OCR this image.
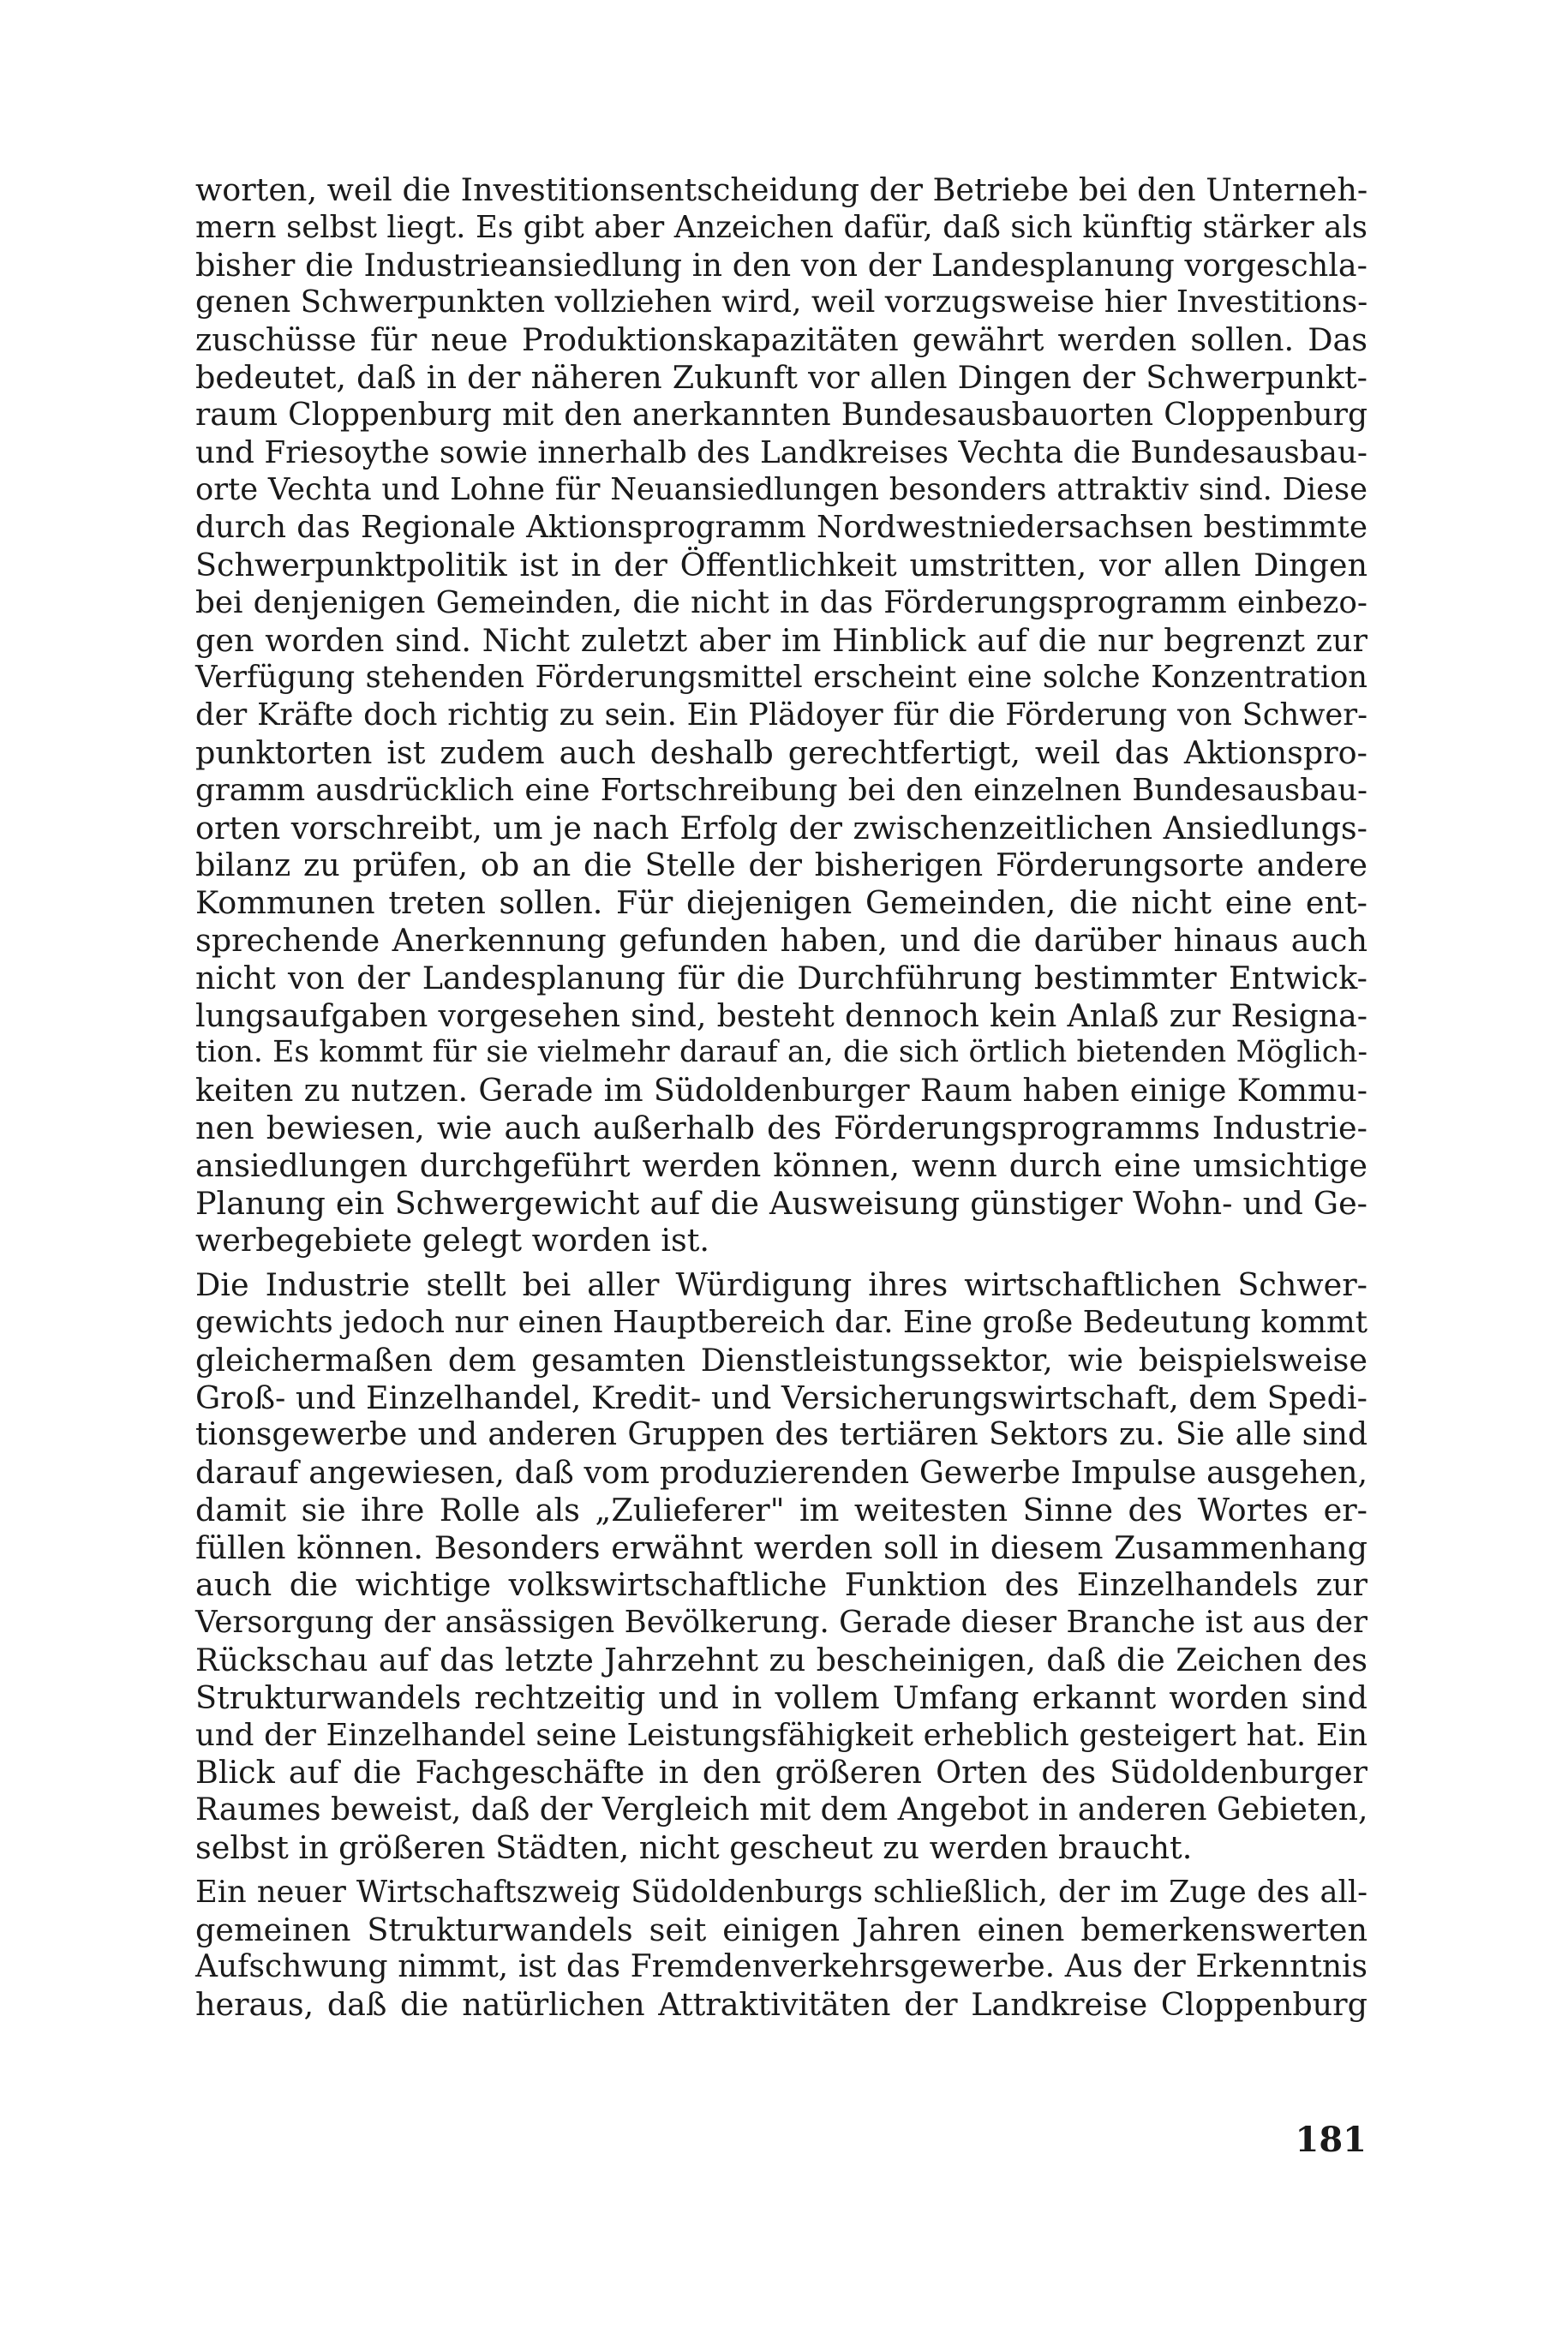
worten, weil die Investitionsentscheidung der Betriebe bei den Unterneh-
mern selbst liegt. Es gibt aber Anzeichen dafür, daß sich künftig stärker als
bisher die Industrieansiedlung in den von der Landesplanung vorgeschla-
genen Schwerpunkten vollziehen wird, weil vorzugsweise hier Investitions-
zuschüsse für neue Produktionskapazitäten gewährt werden sollen. Das
bedeutet, daß in der näheren Zukunft vor allen Dingen der Schwerpunkt-
raum Cloppenburg mit den anerkannten Bundesausbauorten Cloppenburg
und Friesoythe sowie innerhalb des Landkreises Vechta die Bundesausbau-
orte Vechta und Lohne für Neuansiedlungen besonders attraktiv sind. Diese
durch das Regionale Aktionsprogramm Nordwestniedersachsen bestimmte
Schwerpunktpolitik ist in der Öffentlichkeit umstritten, vor allen Dingen
bei denjenigen Gemeinden, die nicht in das Förderungsprogramm einbezo-
gen worden sind. Nicht zuletzt aber im Hinblick auf die nur begrenzt zur
Verfügung stehenden Förderungsmittel erscheint eine solche Konzentration
der Kräfte doch richtig zu sein. Ein Plädoyer für die Förderung von Schwer-
punktorten ist zudem auch deshalb gerechtfertigt, weil das Aktionspro-
gramm ausdrücklich eine Fortschreibung bei den einzelnen Bundesausbau-
orten vorschreibt, um je nach Erfolg der zwischenzeitlichen Ansiedlungs-
bilanz zu prüfen, ob an die Stelle der bisherigen Förderungsorte andere
Kommunen treten sollen. Für diejenigen Gemeinden, die nicht eine ent-
sprechende Anerkennung gefunden haben, und die darüber hinaus auch
nicht von der Landesplanung für die Durchführung bestimmter Entwick-
lungsaufgaben vorgesehen sind, besteht dennoch kein Anlaß zur Resigna-
tion. Es kommt für sie vielmehr darauf an, die sich örtlich bietenden Möglich-
keiten zu nutzen. Gerade im Südoldenburger Raum haben einige Kommu-
nen bewiesen, wie auch außerhalb des Förderungsprogramms Industrie-
ansiedlungen durchgeführt werden können, wenn durch eine umsichtige
Planung ein Schwergewicht auf die Ausweisung günstiger Wohn- und Ge-
werbegebiete gelegt worden ist.

Die Industrie stellt bei aller Würdigung ihres wirtschaftlichen Schwer-
gewichts jedoch nur einen Hauptbereich dar. Eine große Bedeutung kommt
gleichermaßen dem gesamten Dienstleistungssektor, wie beispielsweise
Groß- und Einzelhandel, Kredit- und Versicherungswirtschaft, dem Spedi-
tionsgewerbe und anderen Gruppen des tertiären Sektors zu. Sie alle sind
darauf angewiesen, daß vom produzierenden Gewerbe Impulse ausgehen,
damit sie ihre Rolle als „Zulieferer" im weitesten Sinne des Wortes er-
füllen können. Besonders erwähnt werden soll in diesem Zusammenhang
auch die wichtige volkswirtschaftliche Funktion des Einzelhandels zur
Versorgung der ansässigen Bevölkerung. Gerade dieser Branche ist aus der
Rückschau auf das letzte Jahrzehnt zu bescheinigen, daß die Zeichen des
Strukturwandels rechtzeitig und in vollem Umfang erkannt worden sind
und der Einzelhandel seine Leistungsfähigkeit erheblich gesteigert hat. Ein
Blick auf die Fachgeschäfte in den größeren Orten des Südoldenburger
Raumes beweist, daß der Vergleich mit dem Angebot in anderen Gebieten,
selbst in größeren Städten, nicht gescheut zu werden braucht.

Ein neuer Wirtschaftszweig Südoldenburgs schließlich, der im Zuge des all-
gemeinen Strukturwandels seit einigen Jahren einen bemerkenswerten
Aufschwung nimmt, ist das Fremdenverkehrsgewerbe. Aus der Erkenntnis
heraus, daß die natürlichen Attraktivitäten der Landkreise Cloppenburg

181
